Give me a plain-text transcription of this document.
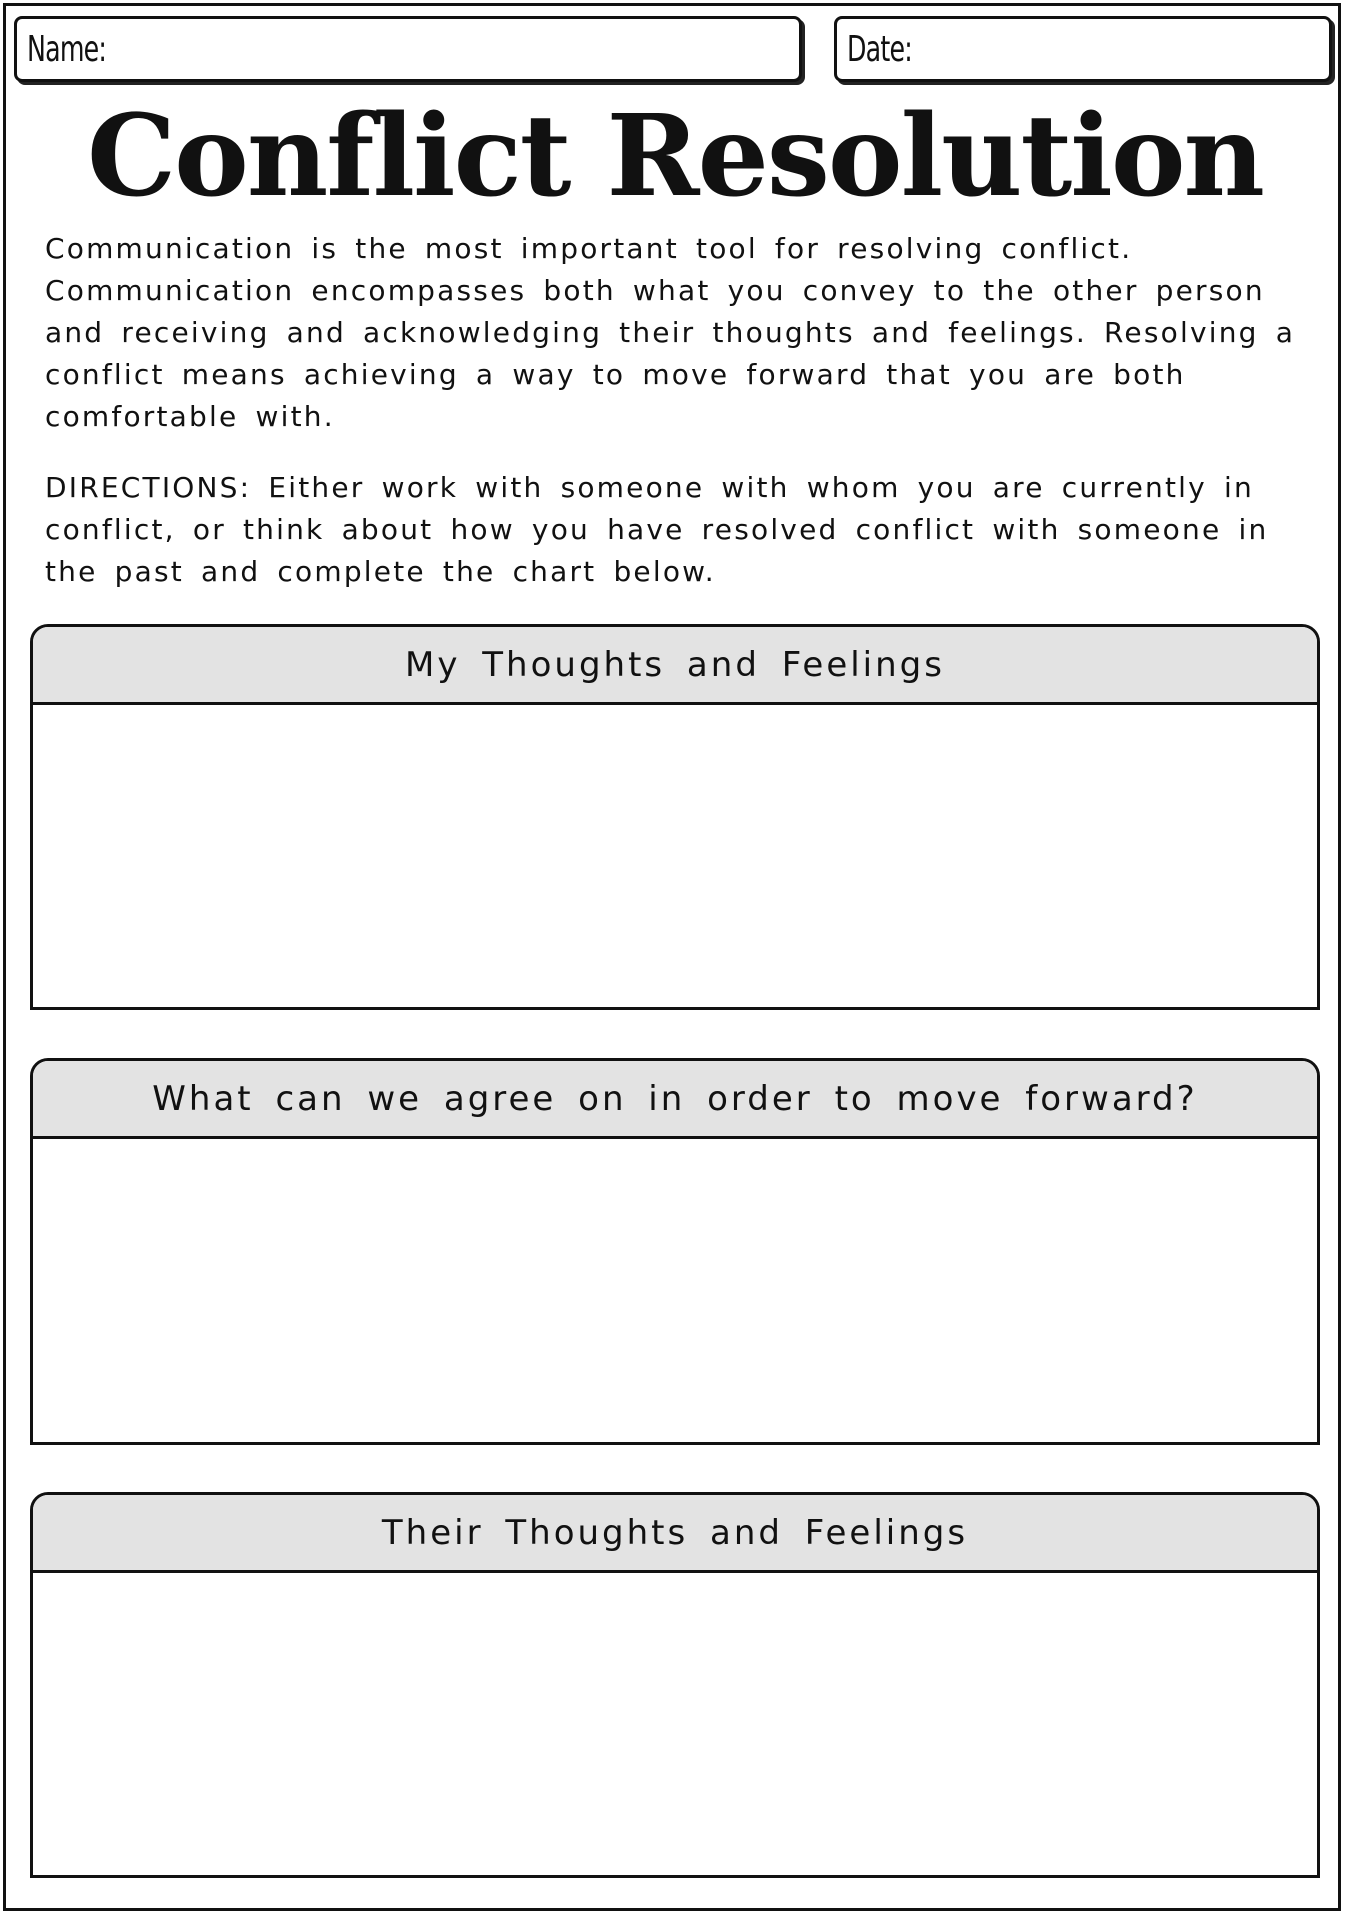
Name:	Date:
Conflict Resolution

Communication is the most important tool for resolving conflict. Communication encompasses both what you convey to the other person and receiving and acknowledging their thoughts and feelings. Resolving a conflict means achieving a way to move forward that you are both comfortable with.

DIRECTIONS: Either work with someone with whom you are currently in conflict, or think about how you have resolved conflict with someone in the past and complete the chart below.

My Thoughts and Feelings
What can we agree on in order to move forward?
Their Thoughts and Feelings
